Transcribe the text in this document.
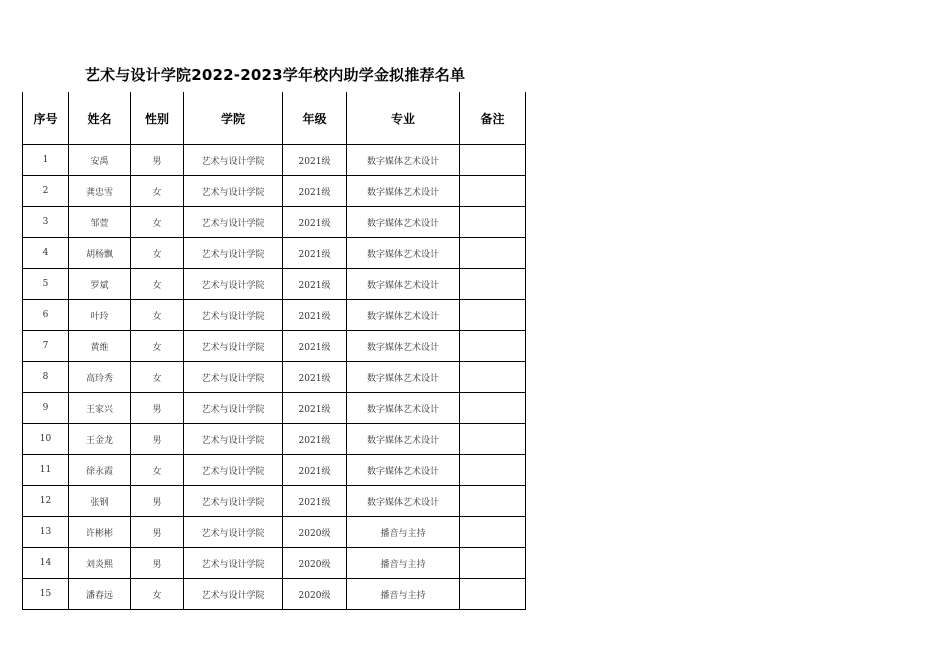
艺术与设计学院2022-2023学年校内助学金拟推荐名单
序号	姓名	性别	学院	年级	专业	备注
1	安禹	男	艺术与设计学院	2021级	数字媒体艺术设计	
2	龚忠雪	女	艺术与设计学院	2021级	数字媒体艺术设计	
3	邹萱	女	艺术与设计学院	2021级	数字媒体艺术设计	
4	胡杨飘	女	艺术与设计学院	2021级	数字媒体艺术设计	
5	罗斌	女	艺术与设计学院	2021级	数字媒体艺术设计	
6	叶玲	女	艺术与设计学院	2021级	数字媒体艺术设计	
7	黄维	女	艺术与设计学院	2021级	数字媒体艺术设计	
8	高玲秀	女	艺术与设计学院	2021级	数字媒体艺术设计	
9	王家兴	男	艺术与设计学院	2021级	数字媒体艺术设计	
10	王金龙	男	艺术与设计学院	2021级	数字媒体艺术设计	
11	徐永霞	女	艺术与设计学院	2021级	数字媒体艺术设计	
12	张钢	男	艺术与设计学院	2021级	数字媒体艺术设计	
13	许彬彬	男	艺术与设计学院	2020级	播音与主持	
14	刘炎熙	男	艺术与设计学院	2020级	播音与主持	
15	潘春远	女	艺术与设计学院	2020级	播音与主持	
